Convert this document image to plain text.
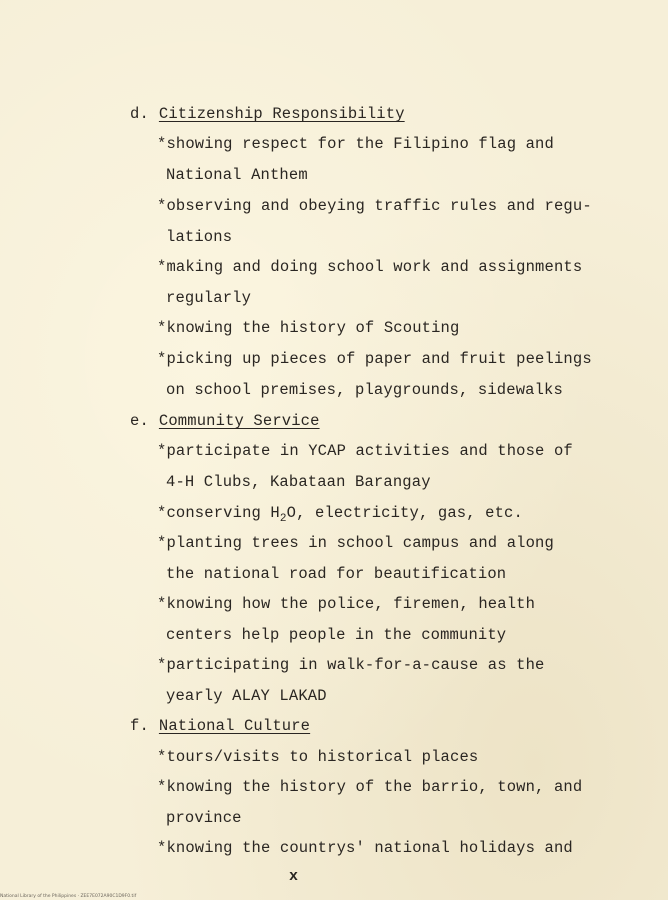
d. Citizenship Responsibility
*showing respect for the Filipino flag and
National Anthem
*observing and obeying traffic rules and regu-
lations
*making and doing school work and assignments
regularly
*knowing the history of Scouting
*picking up pieces of paper and fruit peelings
on school premises, playgrounds, sidewalks
e. Community Service
*participate in YCAP activities and those of
4-H Clubs, Kabataan Barangay
*conserving $H_2O$, electricity, gas, etc.
*planting trees in school campus and along
the national road for beautification
*knowing how the police, firemen, health
centers help people in the community
*participating in walk-for-a-cause as the
yearly ALAY LAKAD
f. National Culture
*tours/visits to historical places
*knowing the history of the barrio, town, and
province
*knowing the countrys' national holidays and
x
National Library of the Philippines · ZEE7E072A90C1D9F0.tif
